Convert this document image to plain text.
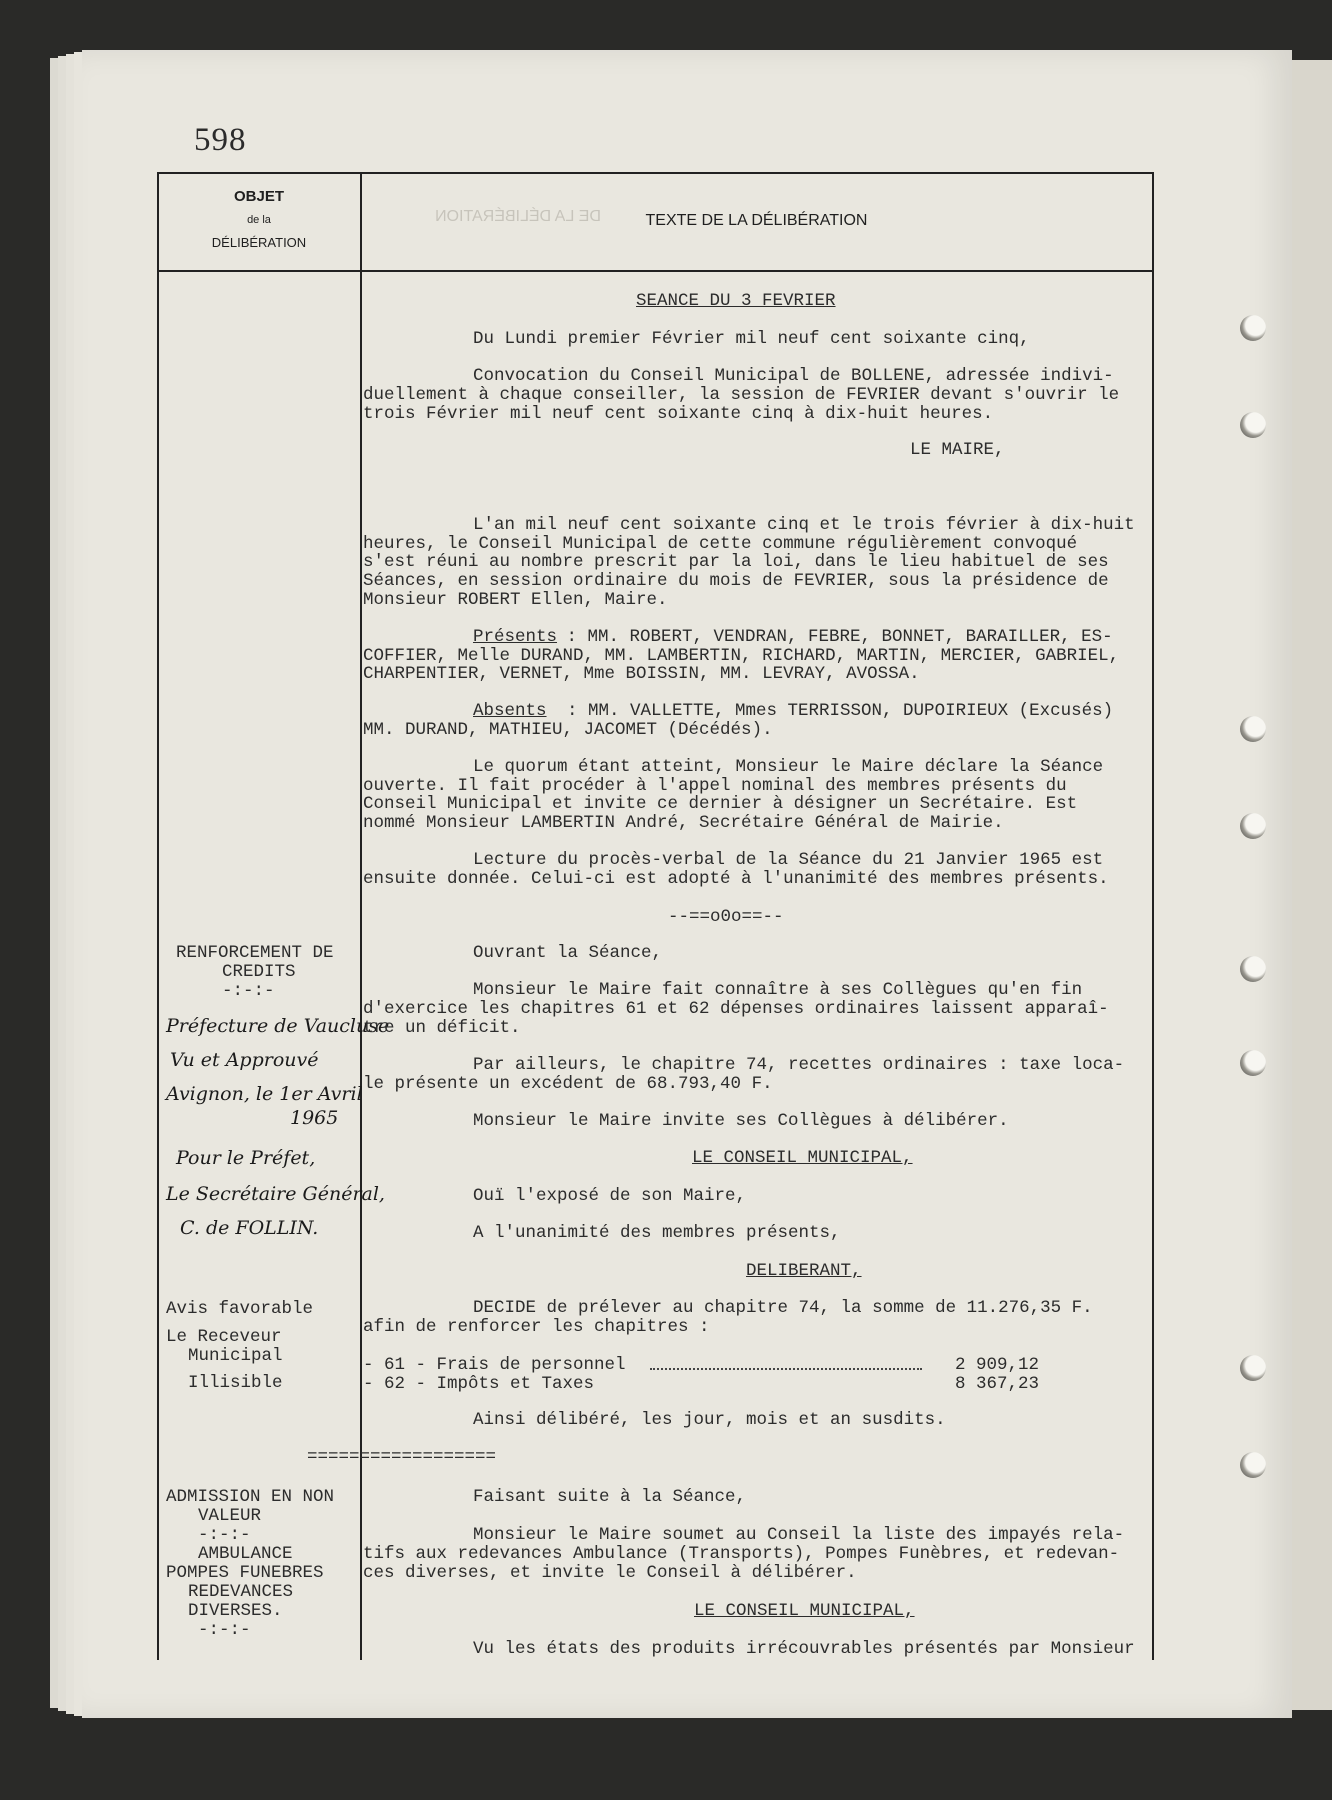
DE LA DÉLIBÉRATION
598
OBJET
de la
DÉLIBÉRATION
TEXTE DE LA DÉLIBÉRATION
RENFORCEMENT DE
CREDITS
-:-:-
Préfecture de Vaucluse
Vu et Approuvé
Avignon, le 1er Avril
1965
Pour le Préfet,
Le Secrétaire Général,
C. de FOLLIN.
Avis favorable
Le Receveur
Municipal
Illisible
==================
ADMISSION EN NON
VALEUR
-:-:-
AMBULANCE
POMPES FUNEBRES
REDEVANCES
DIVERSES.
-:-:-
SEANCE DU 3 FEVRIER
Du Lundi premier Février mil neuf cent soixante cinq,
Convocation du Conseil Municipal de BOLLENE, adressée indivi-
duellement à chaque conseiller, la session de FEVRIER devant s'ouvrir le
trois Février mil neuf cent soixante cinq à dix-huit heures.
LE MAIRE,
L'an mil neuf cent soixante cinq et le trois février à dix-huit
heures, le Conseil Municipal de cette commune régulièrement convoqué
s'est réuni au nombre prescrit par la loi, dans le lieu habituel de ses
Séances, en session ordinaire du mois de FEVRIER, sous la présidence de
Monsieur ROBERT Ellen, Maire.
Présents
: MM. ROBERT, VENDRAN, FEBRE, BONNET, BARAILLER, ES-
COFFIER, Melle DURAND, MM. LAMBERTIN, RICHARD, MARTIN, MERCIER, GABRIEL,
CHARPENTIER, VERNET, Mme BOISSIN, MM. LEVRAY, AVOSSA.
Absents : MM. VALLETTE, Mmes TERRISSON, DUPOIRIEUX (Excusés)
MM. DURAND, MATHIEU, JACOMET (Décédés).
Le quorum étant atteint, Monsieur le Maire déclare la Séance
ouverte. Il fait procéder à l'appel nominal des membres présents du
Conseil Municipal et invite ce dernier à désigner un Secrétaire. Est
nommé Monsieur LAMBERTIN André, Secrétaire Général de Mairie.
Lecture du procès-verbal de la Séance du 21 Janvier 1965 est
ensuite donnée. Celui-ci est adopté à l'unanimité des membres présents.
--==o0o==--
Ouvrant la Séance,
Monsieur le Maire fait connaître à ses Collègues qu'en fin
d'exercice les chapitres 61 et 62 dépenses ordinaires laissent apparaî-
tre un déficit.
Par ailleurs, le chapitre 74, recettes ordinaires : taxe loca-
le présente un excédent de 68.793,40 F.
Monsieur le Maire invite ses Collègues à délibérer.
LE CONSEIL MUNICIPAL,
Ouï l'exposé de son Maire,
A l'unanimité des membres présents,
DELIBERANT,
DECIDE de prélever au chapitre 74, la somme de 11.276,35 F.
afin de renforcer les chapitres :
- 61 - Frais de personnel	2 909,12
- 62 - Impôts et Taxes	8 367,23
Ainsi délibéré, les jour, mois et an susdits.
Faisant suite à la Séance,
Monsieur le Maire soumet au Conseil la liste des impayés rela-
tifs aux redevances Ambulance (Transports), Pompes Funèbres, et redevan-
ces diverses, et invite le Conseil à délibérer.
LE CONSEIL MUNICIPAL,
Vu les états des produits irrécouvrables présentés par Monsieur
